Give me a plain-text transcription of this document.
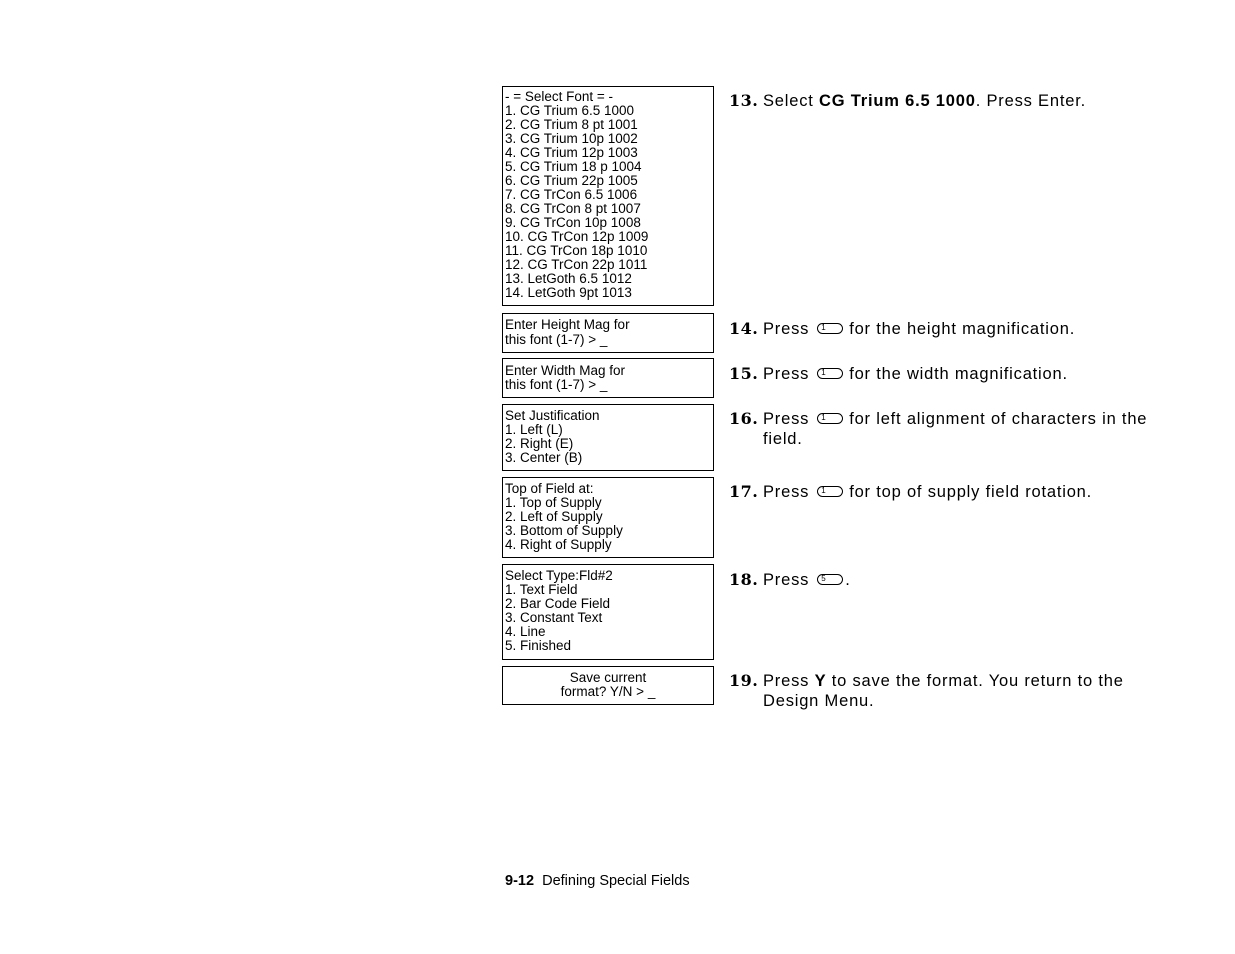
- = Select Font = -
1. CG Trium 6.5 1000
2. CG Trium 8 pt 1001
3. CG Trium 10p 1002
4. CG Trium 12p 1003
5. CG Trium 18 p 1004
6. CG Trium 22p 1005
7. CG TrCon 6.5 1006
8. CG TrCon 8 pt 1007
9. CG TrCon 10p 1008
10. CG TrCon 12p 1009
11. CG TrCon 18p 1010
12. CG TrCon 22p 1011
13. LetGoth 6.5 1012
14. LetGoth 9pt 1013
Enter Height Mag for
this font (1-7) > _
Enter Width Mag for
this font (1-7) > _
Set Justification
1. Left (L)
2. Right (E)
3. Center (B)
Top of Field at:
1. Top of Supply
2. Left of Supply
3. Bottom of Supply
4. Right of Supply
Select Type:Fld#2
1. Text Field
2. Bar Code Field
3. Constant Text
4. Line
5. Finished
Save current
format? Y/N > _
13. Select CG Trium 6.5 1000. Press Enter.
14. Press 1 for the height magnification.
15. Press 1 for the width magnification.
16. Press 1 for left alignment of characters in the field.
17. Press 1 for top of supply field rotation.
18. Press 5 .
19. Press Y to save the format. You return to the Design Menu.
9-12 Defining Special Fields
